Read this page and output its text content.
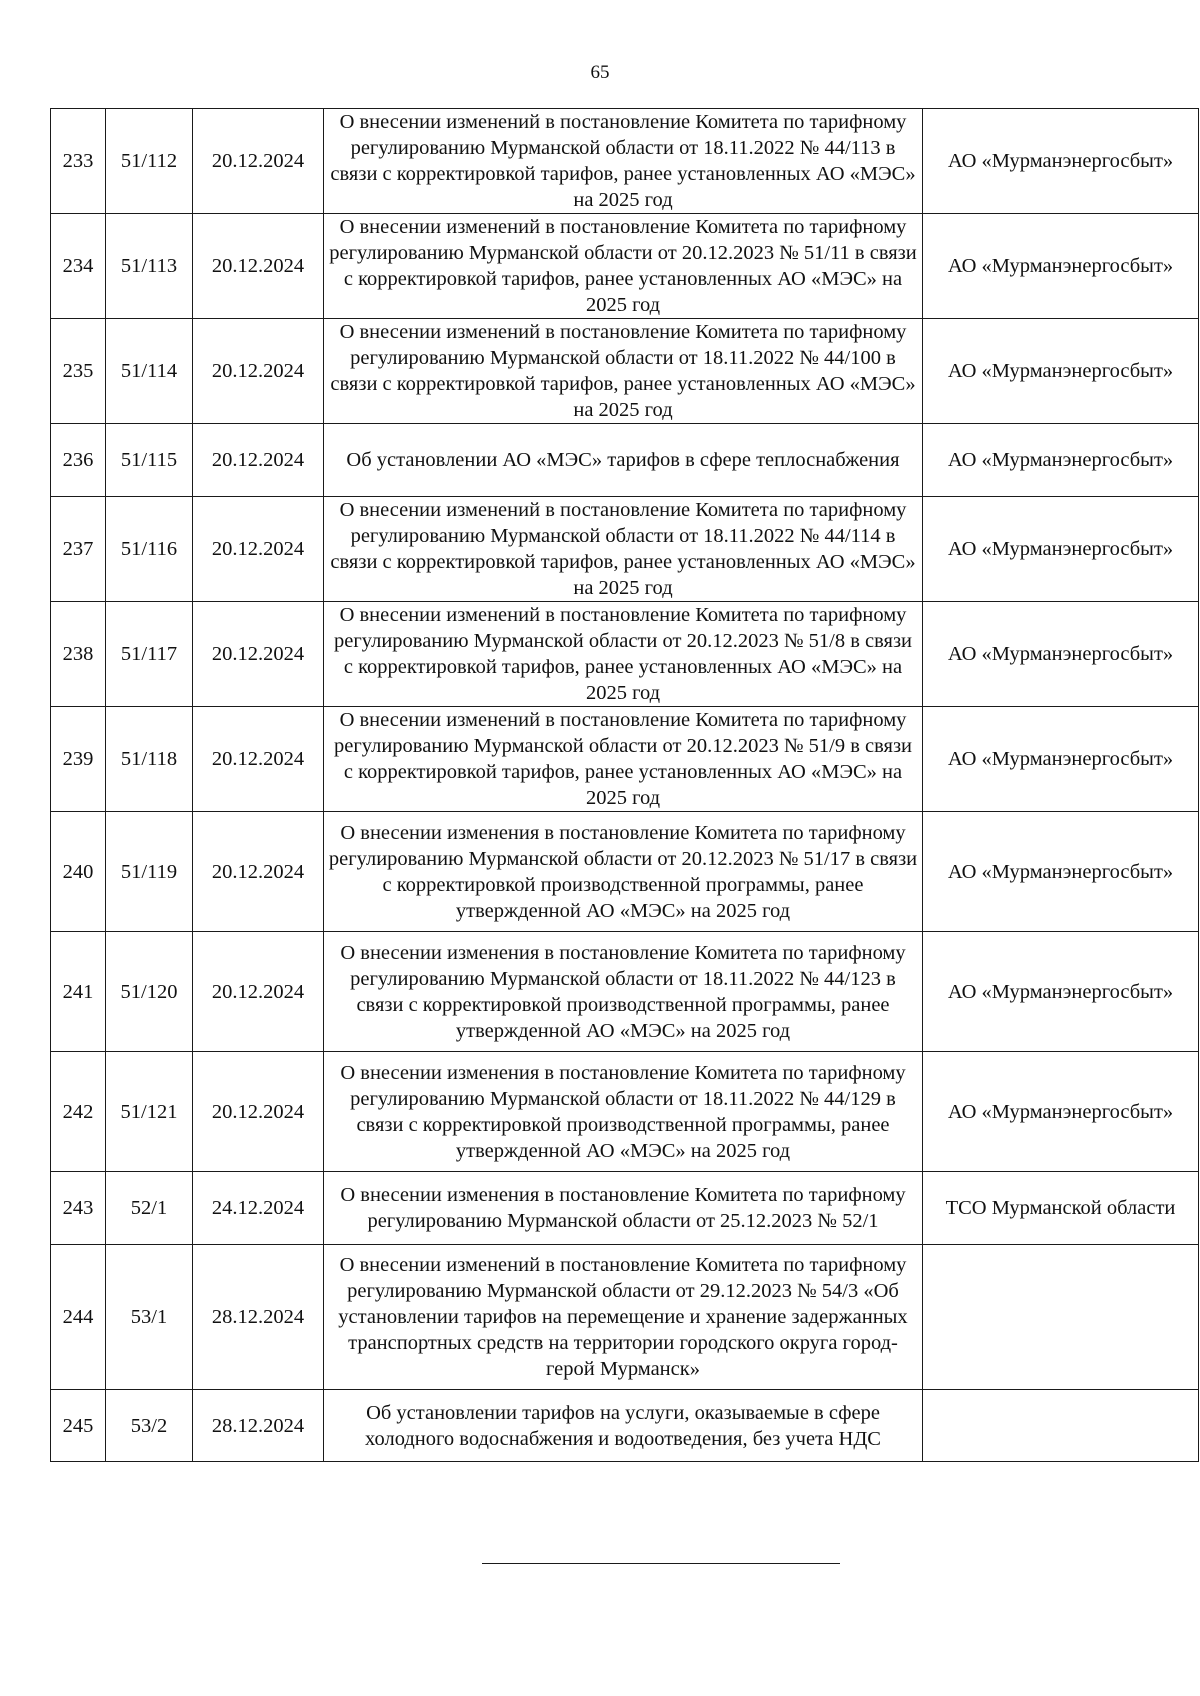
65
233	51/112	20.12.2024	О внесении изменений в постановление Комитета по тарифному регулированию Мурманской области от 18.11.2022 № 44/113 в связи с корректировкой тарифов, ранее установленных АО «МЭС» на 2025 год	АО «Мурманэнергосбыт»
234	51/113	20.12.2024	О внесении изменений в постановление Комитета по тарифному регулированию Мурманской области от 20.12.2023 № 51/11 в связи с корректировкой тарифов, ранее установленных АО «МЭС» на 2025 год	АО «Мурманэнергосбыт»
235	51/114	20.12.2024	О внесении изменений в постановление Комитета по тарифному регулированию Мурманской области от 18.11.2022 № 44/100 в связи с корректировкой тарифов, ранее установленных АО «МЭС» на 2025 год	АО «Мурманэнергосбыт»
236	51/115	20.12.2024	Об установлении АО «МЭС» тарифов в сфере теплоснабжения	АО «Мурманэнергосбыт»
237	51/116	20.12.2024	О внесении изменений в постановление Комитета по тарифному регулированию Мурманской области от 18.11.2022 № 44/114 в связи с корректировкой тарифов, ранее установленных АО «МЭС» на 2025 год	АО «Мурманэнергосбыт»
238	51/117	20.12.2024	О внесении изменений в постановление Комитета по тарифному регулированию Мурманской области от 20.12.2023 № 51/8 в связи с корректировкой тарифов, ранее установленных АО «МЭС» на 2025 год	АО «Мурманэнергосбыт»
239	51/118	20.12.2024	О внесении изменений в постановление Комитета по тарифному регулированию Мурманской области от 20.12.2023 № 51/9 в связи с корректировкой тарифов, ранее установленных АО «МЭС» на 2025 год	АО «Мурманэнергосбыт»
240	51/119	20.12.2024	О внесении изменения в постановление Комитета по тарифному регулированию Мурманской области от 20.12.2023 № 51/17 в связи с корректировкой производственной программы, ранее утвержденной АО «МЭС» на 2025 год	АО «Мурманэнергосбыт»
241	51/120	20.12.2024	О внесении изменения в постановление Комитета по тарифному регулированию Мурманской области от 18.11.2022 № 44/123 в связи с корректировкой производственной программы, ранее утвержденной АО «МЭС» на 2025 год	АО «Мурманэнергосбыт»
242	51/121	20.12.2024	О внесении изменения в постановление Комитета по тарифному регулированию Мурманской области от 18.11.2022 № 44/129 в связи с корректировкой производственной программы, ранее утвержденной АО «МЭС» на 2025 год	АО «Мурманэнергосбыт»
243	52/1	24.12.2024	О внесении изменения в постановление Комитета по тарифному регулированию Мурманской области от 25.12.2023 № 52/1	ТСО Мурманской области
244	53/1	28.12.2024	О внесении изменений в постановление Комитета по тарифному регулированию Мурманской области от 29.12.2023 № 54/3 «Об установлении тарифов на перемещение и хранение задержанных транспортных средств на территории городского округа город-герой Мурманск»	
245	53/2	28.12.2024	Об установлении тарифов на услуги, оказываемые в сфере холодного водоснабжения и водоотведения, без учета НДС	
